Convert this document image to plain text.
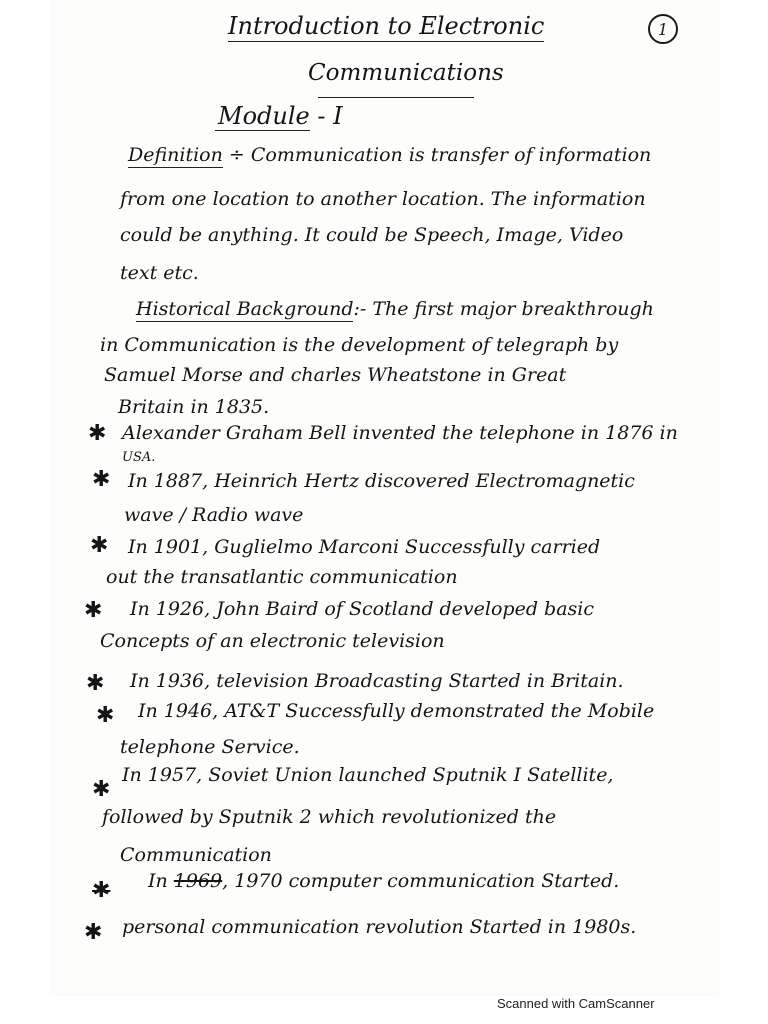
Introduction to Electronic	1

Communications

Module - I

Definition ÷ Communication is transfer of information

from one location to another location. The information

could be anything. It could be Speech, Image, Video

text etc.

Historical Background:- The first major breakthrough

in Communication is the development of telegraph by

Samuel Morse and charles Wheatstone in Great

Britain in 1835.

✱ Alexander Graham Bell invented the telephone in 1876 in

USA.

✱ In 1887, Heinrich Hertz discovered Electromagnetic

wave / Radio wave

✱ In 1901, Guglielmo Marconi Successfully carried

out the transatlantic communication

✱ In 1926, John Baird of Scotland developed basic

Concepts of an electronic television

✱ In 1936, television Broadcasting Started in Britain.

✱ In 1946, AT&T Successfully demonstrated the Mobile

telephone Service.

✱

In 1957, Soviet Union launched Sputnik I Satellite,

followed by Sputnik 2 which revolutionized the

Communication

✱ In 1969, 1970 computer communication Started.

✱ personal communication revolution Started in 1980s.

Scanned with CamScanner
